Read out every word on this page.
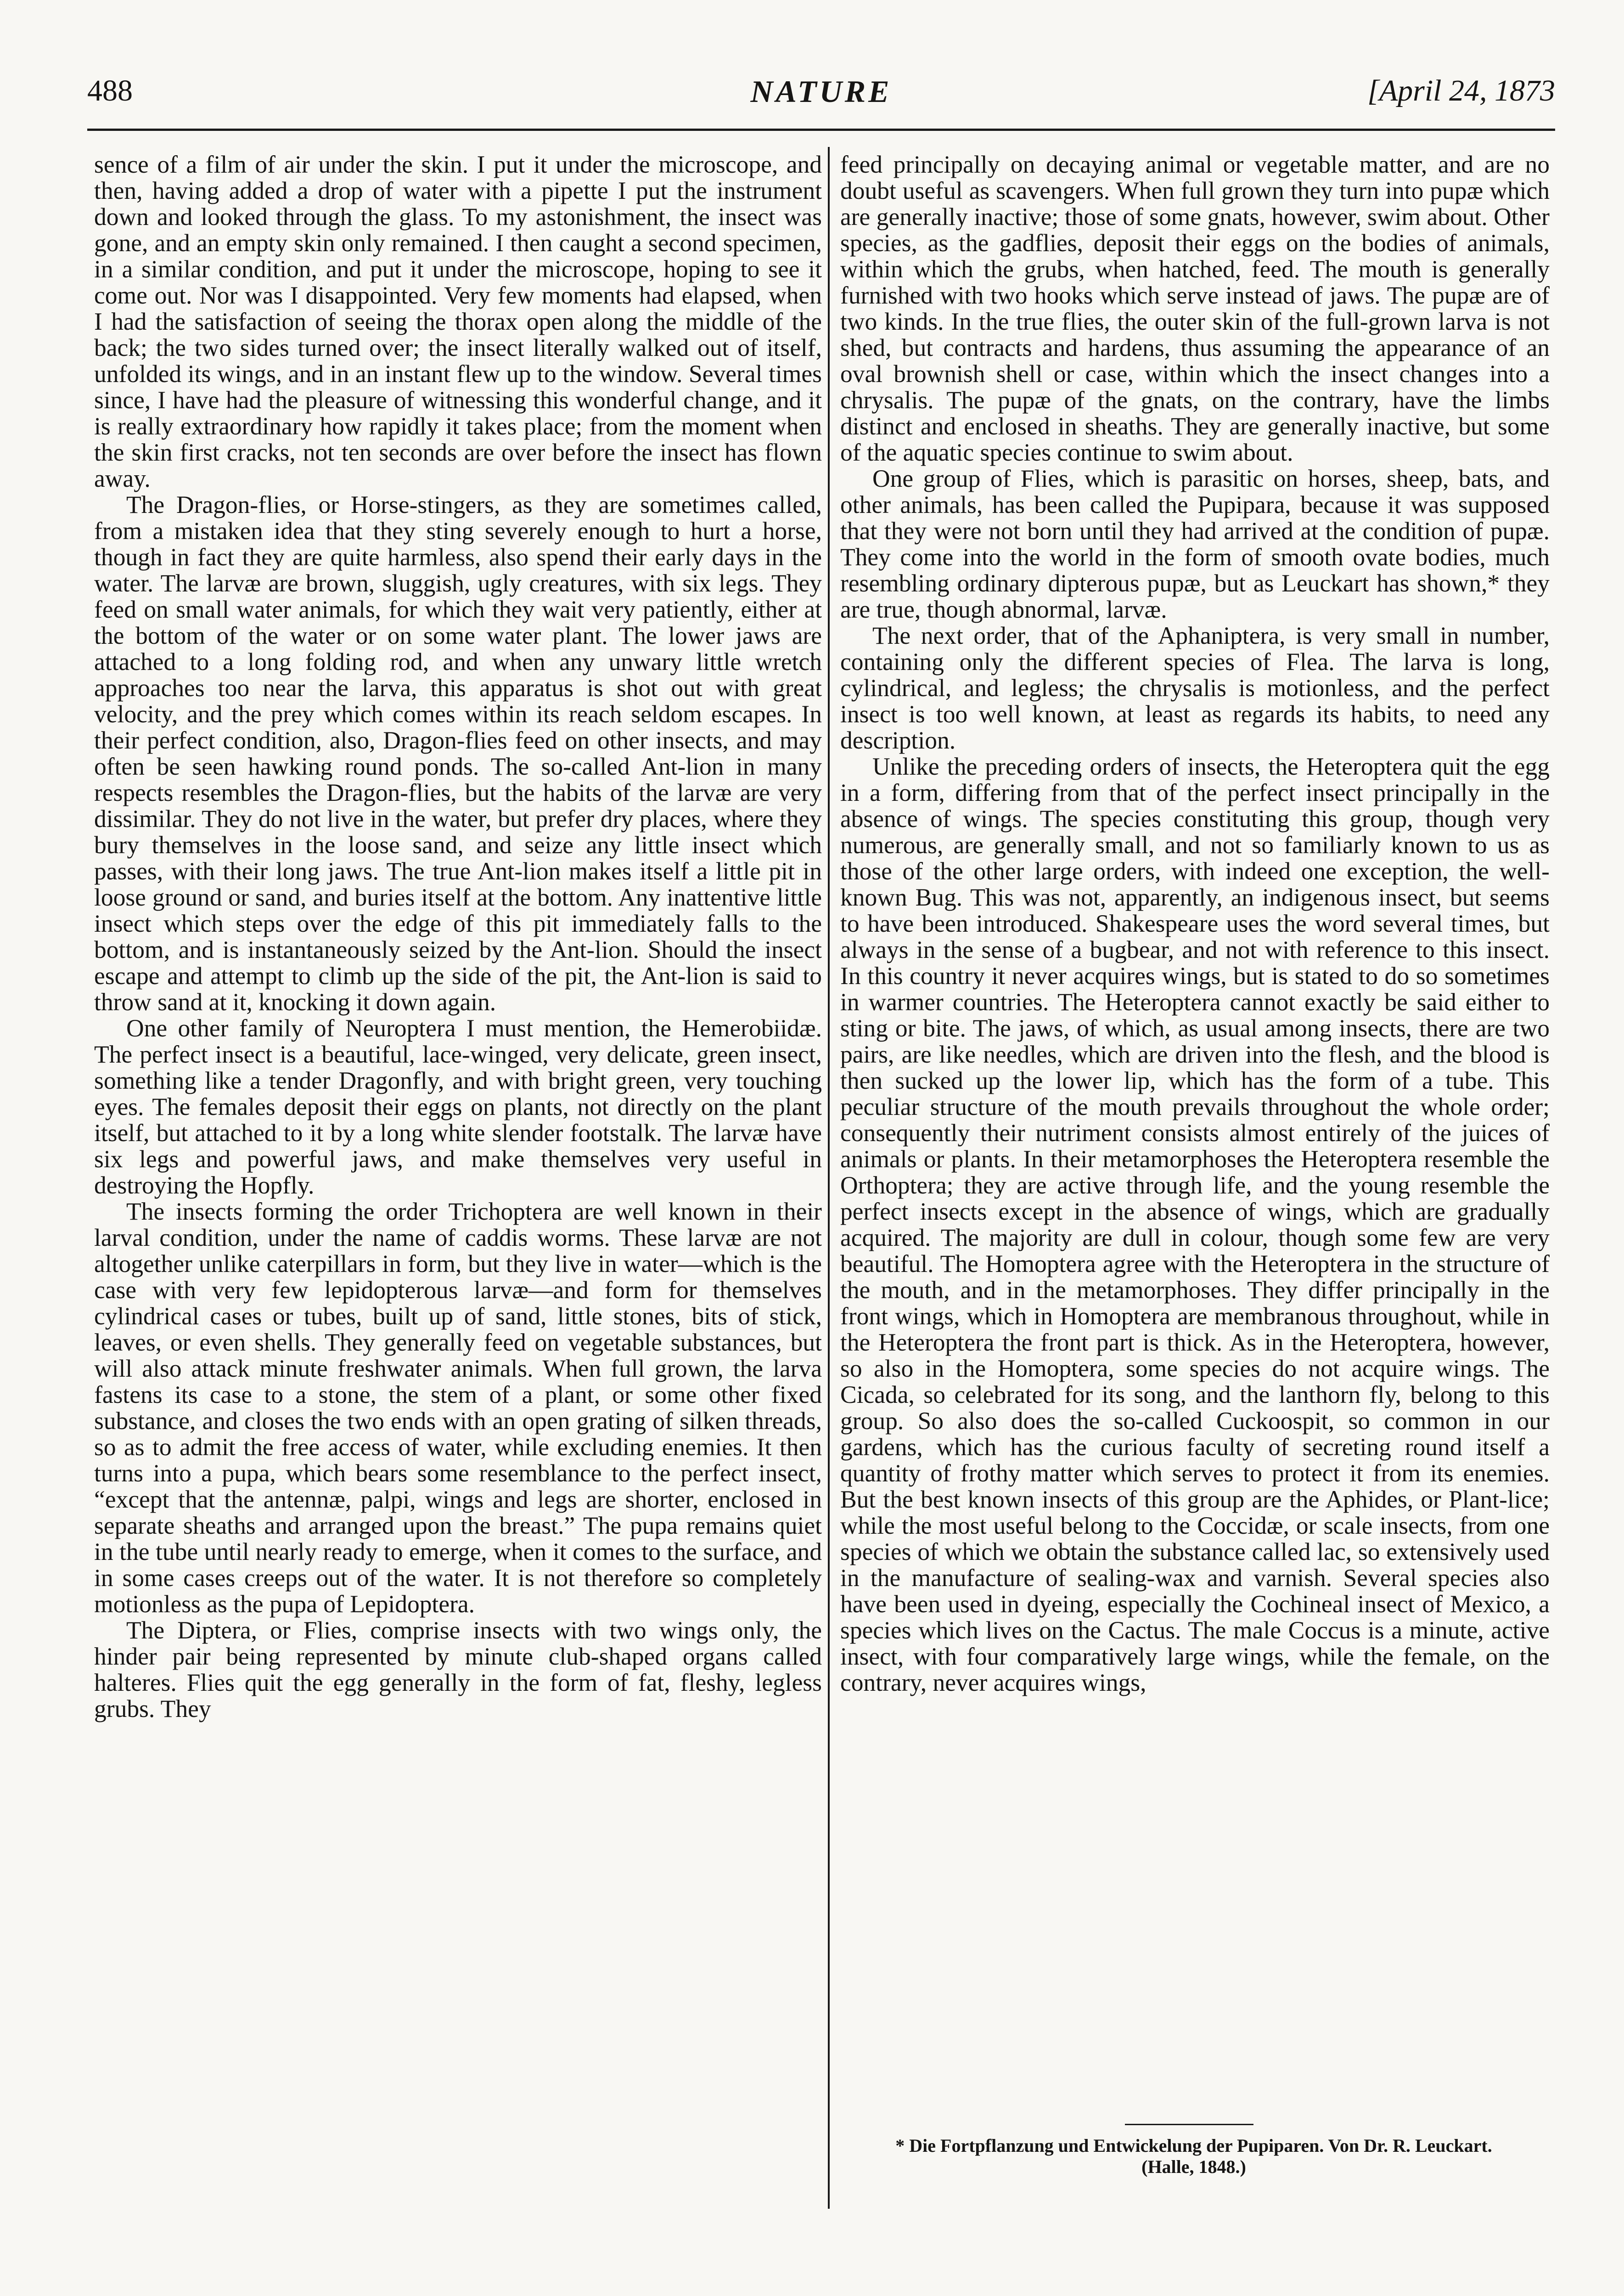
488	NATURE	[April 24, 1873

sence of a film of air under the skin. I put it under the microscope, and then, having added a drop of water with a pipette I put the instrument down and looked through the glass. To my astonishment, the insect was gone, and an empty skin only remained. I then caught a second specimen, in a similar condition, and put it under the microscope, hoping to see it come out. Nor was I disappointed. Very few moments had elapsed, when I had the satisfaction of seeing the thorax open along the middle of the back; the two sides turned over; the insect literally walked out of itself, unfolded its wings, and in an instant flew up to the window. Several times since, I have had the pleasure of witnessing this wonderful change, and it is really extraordinary how rapidly it takes place; from the moment when the skin first cracks, not ten seconds are over before the insect has flown away.

The Dragon-flies, or Horse-stingers, as they are sometimes called, from a mistaken idea that they sting severely enough to hurt a horse, though in fact they are quite harmless, also spend their early days in the water. The larvæ are brown, sluggish, ugly creatures, with six legs. They feed on small water animals, for which they wait very patiently, either at the bottom of the water or on some water plant. The lower jaws are attached to a long folding rod, and when any unwary little wretch approaches too near the larva, this apparatus is shot out with great velocity, and the prey which comes within its reach seldom escapes. In their perfect condition, also, Dragon-flies feed on other insects, and may often be seen hawking round ponds. The so-called Ant-lion in many respects resembles the Dragon-flies, but the habits of the larvæ are very dissimilar. They do not live in the water, but prefer dry places, where they bury themselves in the loose sand, and seize any little insect which passes, with their long jaws. The true Ant-lion makes itself a little pit in loose ground or sand, and buries itself at the bottom. Any inattentive little insect which steps over the edge of this pit immediately falls to the bottom, and is instantaneously seized by the Ant-lion. Should the insect escape and attempt to climb up the side of the pit, the Ant-lion is said to throw sand at it, knocking it down again.

One other family of Neuroptera I must mention, the Hemerobiidæ. The perfect insect is a beautiful, lace-winged, very delicate, green insect, something like a tender Dragonfly, and with bright green, very touching eyes. The females deposit their eggs on plants, not directly on the plant itself, but attached to it by a long white slender footstalk. The larvæ have six legs and powerful jaws, and make themselves very useful in destroying the Hopfly.

The insects forming the order Trichoptera are well known in their larval condition, under the name of caddis worms. These larvæ are not altogether unlike caterpillars in form, but they live in water—which is the case with very few lepidopterous larvæ—and form for themselves cylindrical cases or tubes, built up of sand, little stones, bits of stick, leaves, or even shells. They generally feed on vegetable substances, but will also attack minute freshwater animals. When full grown, the larva fastens its case to a stone, the stem of a plant, or some other fixed substance, and closes the two ends with an open grating of silken threads, so as to admit the free access of water, while excluding enemies. It then turns into a pupa, which bears some resemblance to the perfect insect, “except that the antennæ, palpi, wings and legs are shorter, enclosed in separate sheaths and arranged upon the breast.” The pupa remains quiet in the tube until nearly ready to emerge, when it comes to the surface, and in some cases creeps out of the water. It is not therefore so completely motionless as the pupa of Lepidoptera.

The Diptera, or Flies, comprise insects with two wings only, the hinder pair being represented by minute club-shaped organs called halteres. Flies quit the egg generally in the form of fat, fleshy, legless grubs. They

feed principally on decaying animal or vegetable matter, and are no doubt useful as scavengers. When full grown they turn into pupæ which are generally inactive; those of some gnats, however, swim about. Other species, as the gadflies, deposit their eggs on the bodies of animals, within which the grubs, when hatched, feed. The mouth is generally furnished with two hooks which serve instead of jaws. The pupæ are of two kinds. In the true flies, the outer skin of the full-grown larva is not shed, but contracts and hardens, thus assuming the appearance of an oval brownish shell or case, within which the insect changes into a chrysalis. The pupæ of the gnats, on the contrary, have the limbs distinct and enclosed in sheaths. They are generally inactive, but some of the aquatic species continue to swim about.

One group of Flies, which is parasitic on horses, sheep, bats, and other animals, has been called the Pupipara, because it was supposed that they were not born until they had arrived at the condition of pupæ. They come into the world in the form of smooth ovate bodies, much resembling ordinary dipterous pupæ, but as Leuckart has shown,* they are true, though abnormal, larvæ.

The next order, that of the Aphaniptera, is very small in number, containing only the different species of Flea. The larva is long, cylindrical, and legless; the chrysalis is motionless, and the perfect insect is too well known, at least as regards its habits, to need any description.

Unlike the preceding orders of insects, the Heteroptera quit the egg in a form, differing from that of the perfect insect principally in the absence of wings. The species constituting this group, though very numerous, are generally small, and not so familiarly known to us as those of the other large orders, with indeed one exception, the well-known Bug. This was not, apparently, an indigenous insect, but seems to have been introduced. Shakespeare uses the word several times, but always in the sense of a bugbear, and not with reference to this insect. In this country it never acquires wings, but is stated to do so sometimes in warmer countries. The Heteroptera cannot exactly be said either to sting or bite. The jaws, of which, as usual among insects, there are two pairs, are like needles, which are driven into the flesh, and the blood is then sucked up the lower lip, which has the form of a tube. This peculiar structure of the mouth prevails throughout the whole order; consequently their nutriment consists almost entirely of the juices of animals or plants. In their metamorphoses the Heteroptera resemble the Orthoptera; they are active through life, and the young resemble the perfect insects except in the absence of wings, which are gradually acquired. The majority are dull in colour, though some few are very beautiful. The Homoptera agree with the Heteroptera in the structure of the mouth, and in the metamorphoses. They differ principally in the front wings, which in Homoptera are membranous throughout, while in the Heteroptera the front part is thick. As in the Heteroptera, however, so also in the Homoptera, some species do not acquire wings. The Cicada, so celebrated for its song, and the lanthorn fly, belong to this group. So also does the so-called Cuckoospit, so common in our gardens, which has the curious faculty of secreting round itself a quantity of frothy matter which serves to protect it from its enemies. But the best known insects of this group are the Aphides, or Plant-lice; while the most useful belong to the Coccidæ, or scale insects, from one species of which we obtain the substance called lac, so extensively used in the manufacture of sealing-wax and varnish. Several species also have been used in dyeing, especially the Cochineal insect of Mexico, a species which lives on the Cactus. The male Coccus is a minute, active insect, with four comparatively large wings, while the female, on the contrary, never acquires wings,

* Die Fortpflanzung und Entwickelung der Pupiparen. Von Dr. R. Leuckart. (Halle, 1848.)
